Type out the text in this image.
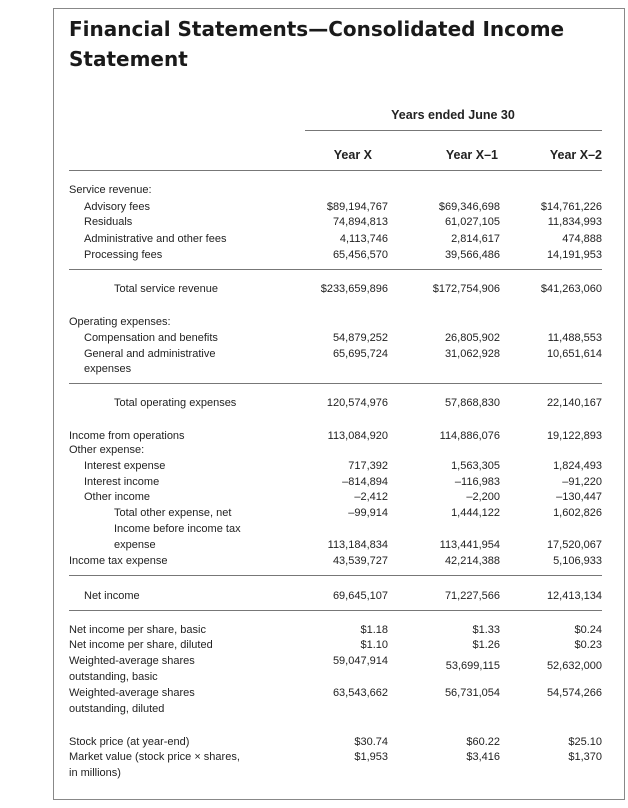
Financial Statements—Consolidated Income
Statement
Years ended June 30
Year X	Year X–1	Year X–2
Service revenue:
Advisory fees	$89,194,767	$69,346,698	$14,761,226
Residuals	74,894,813	61,027,105	11,834,993
Administrative and other fees	4,113,746	2,814,617	474,888
Processing fees	65,456,570	39,566,486	14,191,953
Total service revenue	$233,659,896	$172,754,906	$41,263,060
Operating expenses:
Compensation and benefits	54,879,252	26,805,902	11,488,553
General and administrative	65,695,724	31,062,928	10,651,614
expenses
Total operating expenses	120,574,976	57,868,830	22,140,167
Income from operations	113,084,920	114,886,076	19,122,893
Other expense:
Interest expense	717,392	1,563,305	1,824,493
Interest income	–814,894	–116,983	–91,220
Other income	–2,412	–2,200	–130,447
Total other expense, net	–99,914	1,444,122	1,602,826
Income before income tax
expense	113,184,834	113,441,954	17,520,067
Income tax expense	43,539,727	42,214,388	5,106,933
Net income	69,645,107	71,227,566	12,413,134
Net income per share, basic	$1.18	$1.33	$0.24
Net income per share, diluted	$1.10	$1.26	$0.23
Weighted-average shares	59,047,914	53,699,115	52,632,000
outstanding, basic
Weighted-average shares	63,543,662	56,731,054	54,574,266
outstanding, diluted
Stock price (at year-end)	$30.74	$60.22	$25.10
Market value (stock price × shares,	$1,953	$3,416	$1,370
in millions)
